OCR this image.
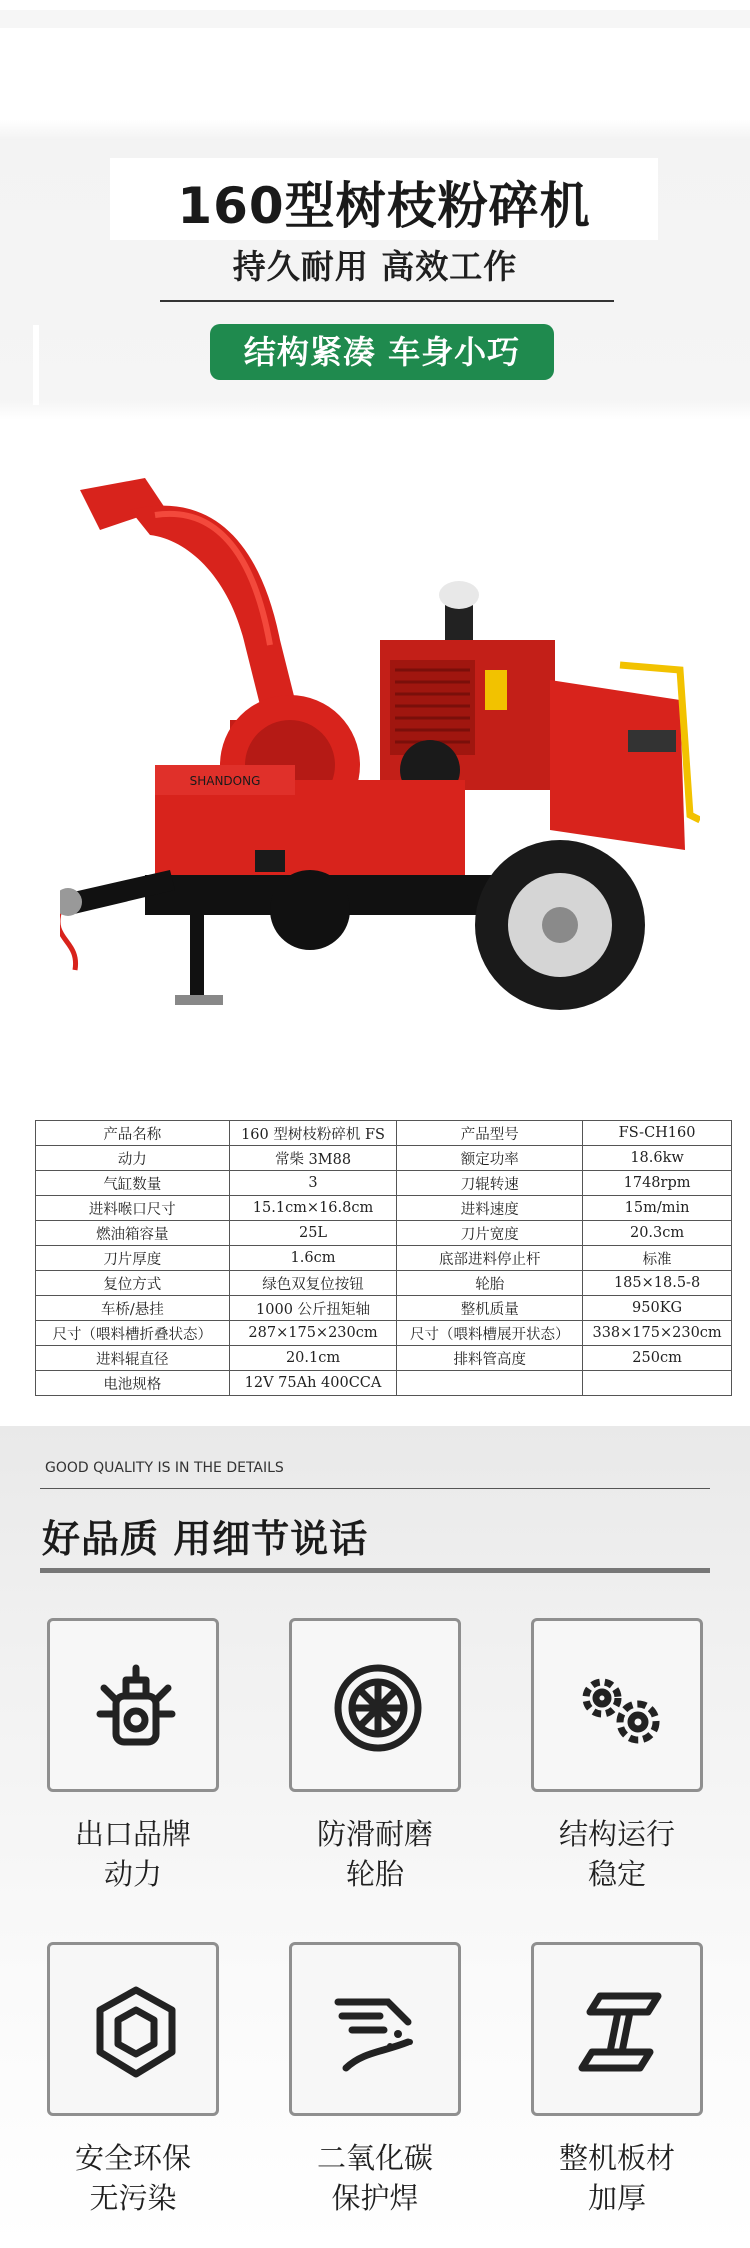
160型树枝粉碎机
持久耐用 高效工作
结构紧凑 车身小巧
SHANDONG
产品名称	160 型树枝粉碎机 FS	产品型号	FS-CH160
动力	常柴 3M88	额定功率	18.6kw
气缸数量	3	刀辊转速	1748rpm
进料喉口尺寸	15.1cm×16.8cm	进料速度	15m/min
燃油箱容量	25L	刀片宽度	20.3cm
刀片厚度	1.6cm	底部进料停止杆	标准
复位方式	绿色双复位按钮	轮胎	185×18.5-8
车桥/悬挂	1000 公斤扭矩轴	整机质量	950KG
尺寸（喂料槽折叠状态）	287×175×230cm	尺寸（喂料槽展开状态）	338×175×230cm
进料辊直径	20.1cm	排料管高度	250cm
电池规格	12V 75Ah 400CCA		
GOOD QUALITY IS IN THE DETAILS
好品质 用细节说话
出口品牌
动力
防滑耐磨
轮胎
结构运行
稳定
安全环保
无污染
二氧化碳
保护焊
整机板材
加厚
